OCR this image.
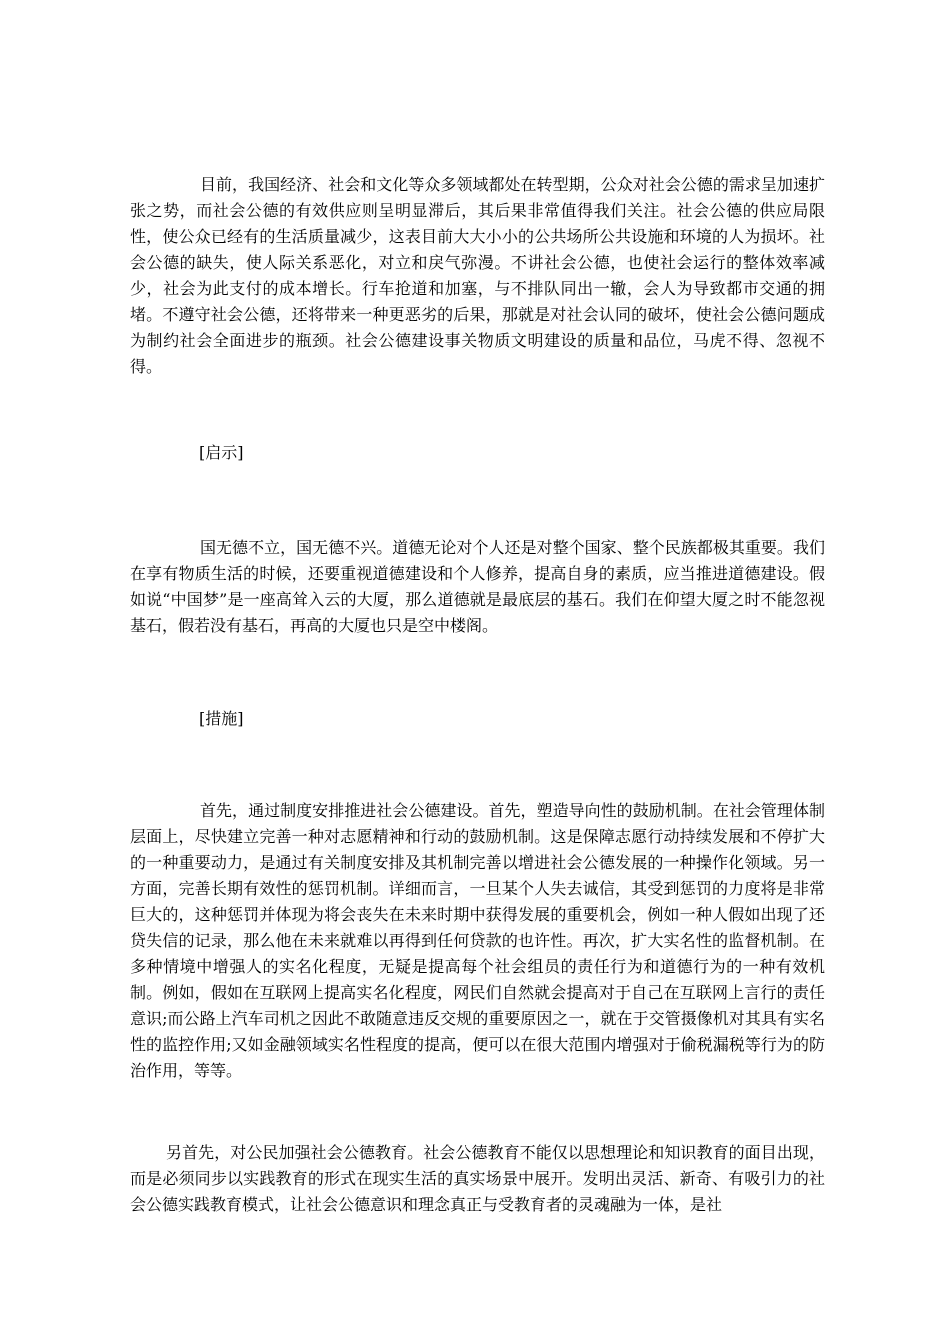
目前，我国经济、社会和文化等众多领域都处在转型期，公众对社会公德的需求呈加速扩张之势，而社会公德的有效供应则呈明显滞后，其后果非常值得我们关注。社会公德的供应局限性，使公众已经有的生活质量减少，这表目前大大小小的公共场所公共设施和环境的人为损坏。社会公德的缺失，使人际关系恶化，对立和戾气弥漫。不讲社会公德，也使社会运行的整体效率减少，社会为此支付的成本增长。行车抢道和加塞，与不排队同出一辙，会人为导致都市交通的拥堵。不遵守社会公德，还将带来一种更恶劣的后果，那就是对社会认同的破坏，使社会公德问题成为制约社会全面进步的瓶颈。社会公德建设事关物质文明建设的质量和品位，马虎不得、忽视不得。

[启示]

国无德不立，国无德不兴。道德无论对个人还是对整个国家、整个民族都极其重要。我们在享有物质生活的时候，还要重视道德建设和个人修养，提高自身的素质，应当推进道德建设。假如说“中国梦”是一座高耸入云的大厦，那么道德就是最底层的基石。我们在仰望大厦之时不能忽视基石，假若没有基石，再高的大厦也只是空中楼阁。

[措施]

首先，通过制度安排推进社会公德建设。首先，塑造导向性的鼓励机制。在社会管理体制层面上，尽快建立完善一种对志愿精神和行动的鼓励机制。这是保障志愿行动持续发展和不停扩大的一种重要动力，是通过有关制度安排及其机制完善以增进社会公德发展的一种操作化领域。另一方面，完善长期有效性的惩罚机制。详细而言，一旦某个人失去诚信，其受到惩罚的力度将是非常巨大的，这种惩罚并体现为将会丧失在未来时期中获得发展的重要机会，例如一种人假如出现了还贷失信的记录，那么他在未来就难以再得到任何贷款的也许性。再次，扩大实名性的监督机制。在多种情境中增强人的实名化程度，无疑是提高每个社会组员的责任行为和道德行为的一种有效机制。例如，假如在互联网上提高实名化程度，网民们自然就会提高对于自己在互联网上言行的责任意识;而公路上汽车司机之因此不敢随意违反交规的重要原因之一，就在于交管摄像机对其具有实名性的监控作用;又如金融领域实名性程度的提高，便可以在很大范围内增强对于偷税漏税等行为的防治作用，等等。

另首先，对公民加强社会公德教育。社会公德教育不能仅以思想理论和知识教育的面目出现，而是必须同步以实践教育的形式在现实生活的真实场景中展开。发明出灵活、新奇、有吸引力的社会公德实践教育模式，让社会公德意识和理念真正与受教育者的灵魂融为一体，是社
